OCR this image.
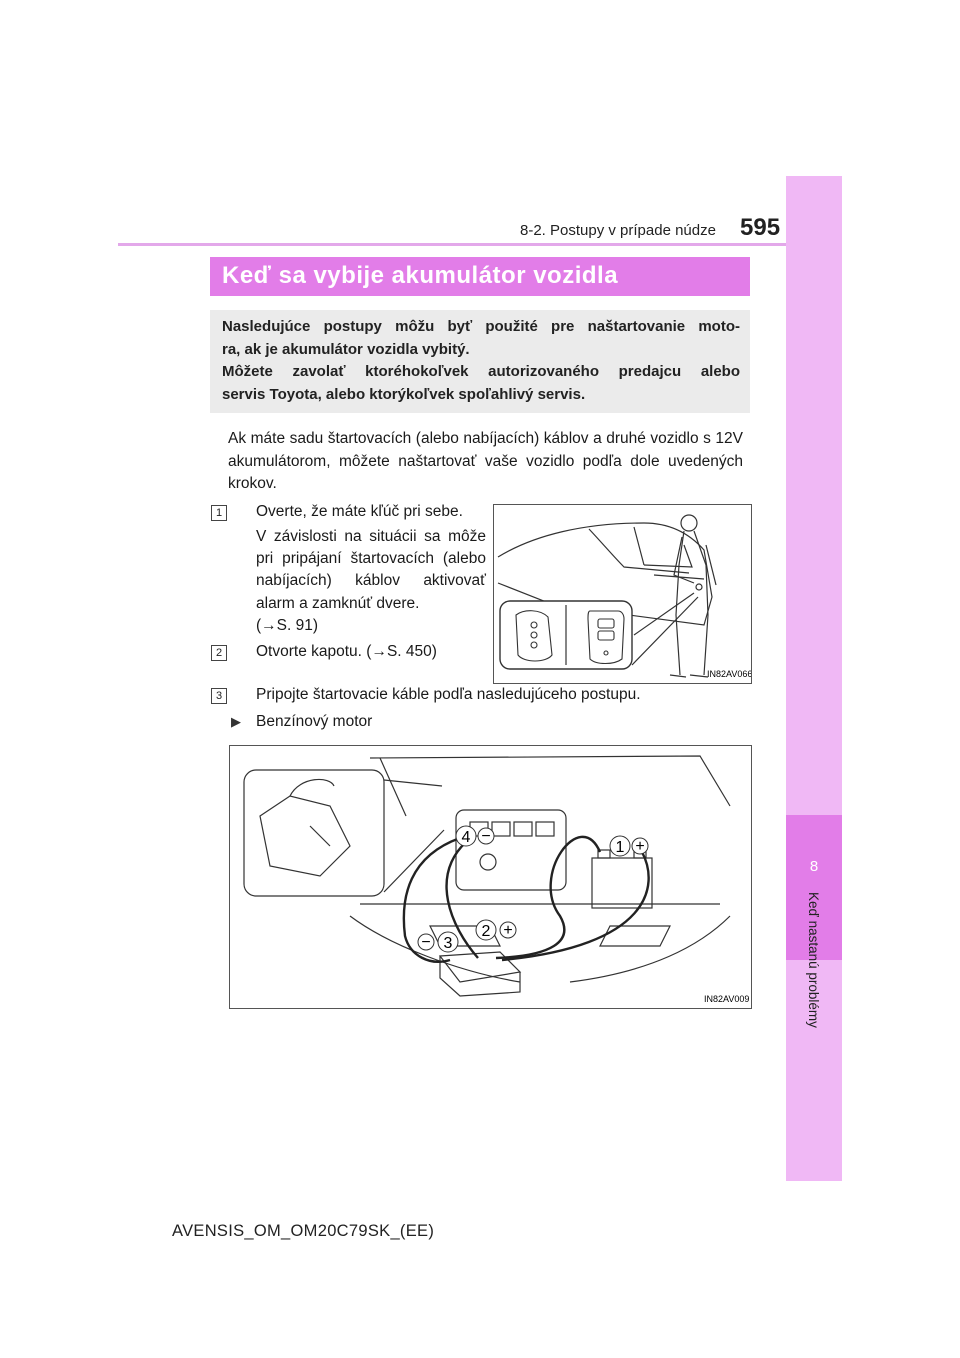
8-2. Postupy v prípade núdze 595
8
Keď nastanú problémy
Keď sa vybije akumulátor vozidla
Nasledujúce postupy môžu byť použité pre naštartovanie moto-
ra, ak je akumulátor vozidla vybitý.
Môžete zavolať ktoréhokoľvek autorizovaného predajcu alebo
servis Toyota, alebo ktorýkoľvek spoľahlivý servis.
Ak máte sadu štartovacích (alebo nabíjacích) káblov a druhé vozidlo s 12V akumulátorom, môžete naštartovať vaše vozidlo podľa dole uvedených krokov.
1	Overte, že máte kľúč pri sebe.
V závislosti na situácii sa môže
pri pripájaní štartovacích (alebo
nabíjacích) káblov aktivovať
alarm a zamknúť dvere.
(→S. 91)
2	Otvorte kapotu. (→S. 450)
3	Pripojte štartovacie káble podľa nasledujúceho postupu.
▶ Benzínový motor
IN82AV066
4 −
1 +
2 +
− 3
IN82AV009
AVENSIS_OM_OM20C79SK_(EE)
